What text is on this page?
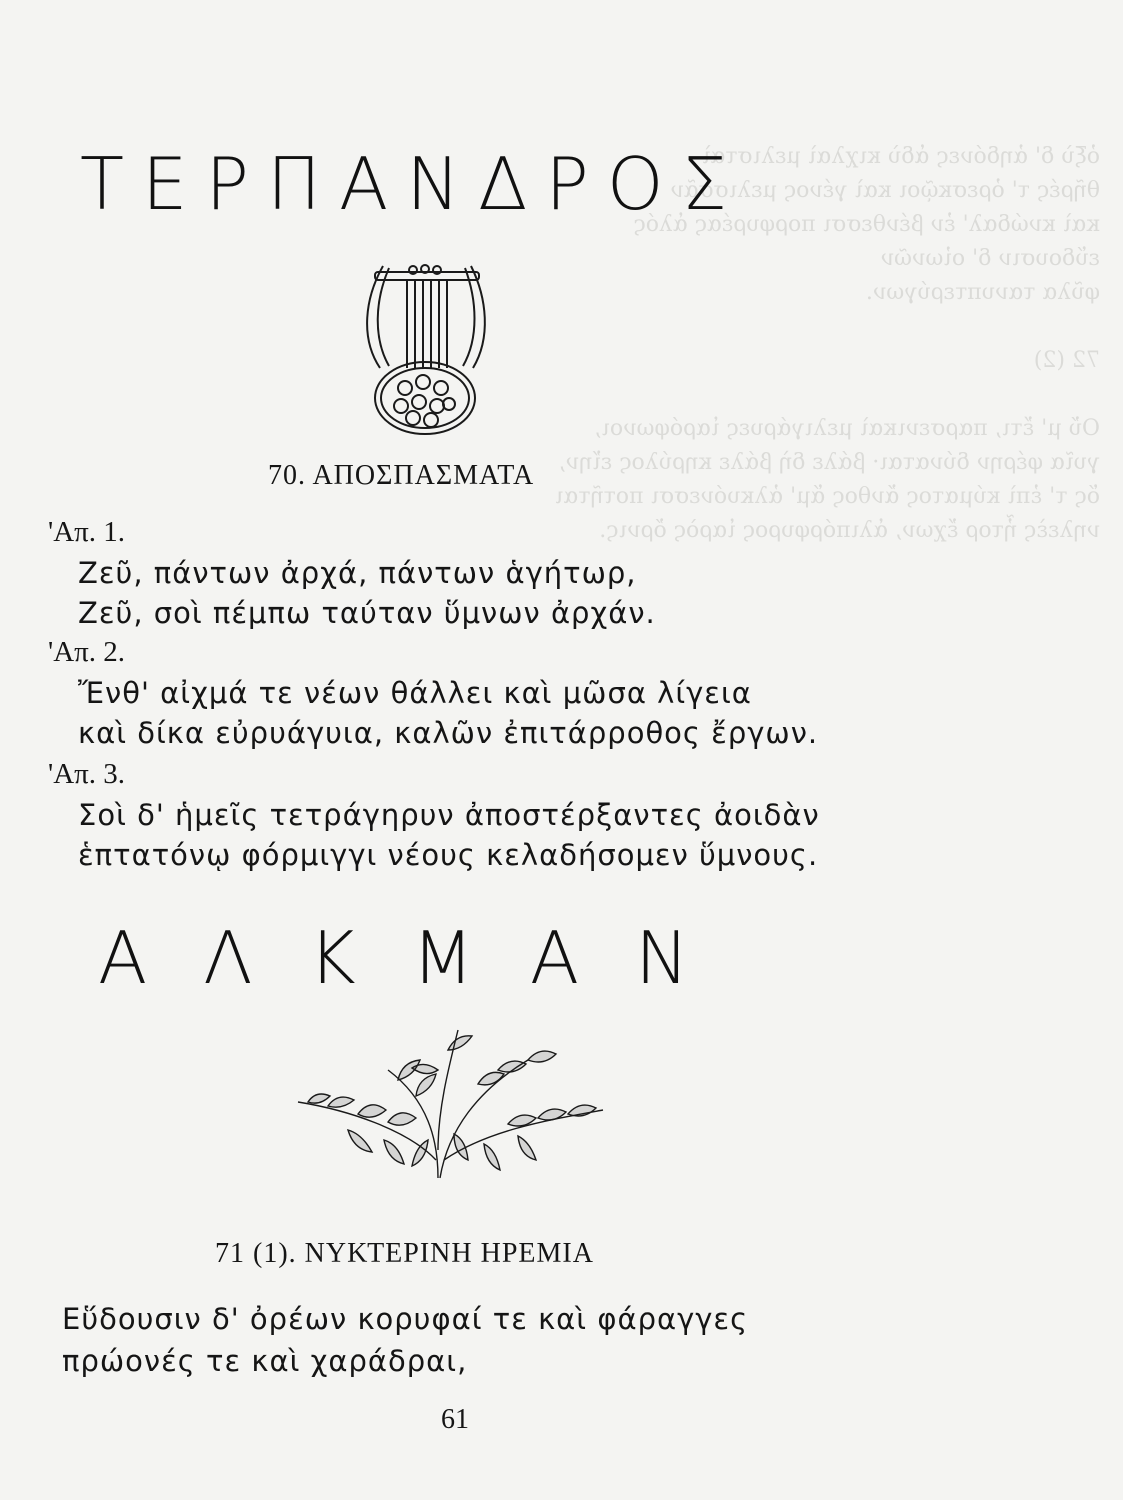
ὀξὺ δ' ἀηδόνες ἁδὺ κιχλαὶ μελισταὶ
θῆρές τ' ὀρεσκῷοι καὶ γένος μελισσᾶν
καὶ κνώδαλ' ἐν βένθεσσι πορφυρέας ἁλός
εὕδουσιν δ' οἰωνῶν
φῦλα τανυπτερύγων.

72 (2)

Οὔ μ' ἔτι, παρσενικαὶ μελιγάρυες ἱαρόφωνοι,
γυῖα φέρην δύναται· βάλε δὴ βάλε κηρύλος εἴην,
ὅς τ' ἐπὶ κύματος ἄνθος ἅμ' ἀλκυόνεσσι ποτῆται
νηλεὲς ἦτορ ἔχων, ἁλιπόρφυρος ἱαρὸς ὄρνις.
ΤΕΡΠΑΝΔΡΟΣ
70. ΑΠΟΣΠΑΣΜΑΤΑ
'Απ. 1.
Ζεῦ, πάντων ἀρχά, πάντων ἁγήτωρ,
Ζεῦ, σοὶ πέμπω ταύταν ὕμνων ἀρχάν.
'Απ. 2.
Ἔνθ' αἰχμά τε νέων θάλλει καὶ μῶσα λίγεια
καὶ δίκα εὐρυάγυια, καλῶν ἐπιτάρροθος ἔργων.
'Απ. 3.
Σοὶ δ' ἡμεῖς τετράγηρυν ἀποστέρξαντες ἀοιδὰν
ἑπτατόνῳ φόρμιγγι νέους κελαδήσομεν ὕμνους.
ΑΛΚΜΑΝ
71 (1). ΝΥΚΤΕΡΙΝΗ ΗΡΕΜΙΑ
Εὕδουσιν δ' ὀρέων κορυφαί τε καὶ φάραγγες
πρώονές τε καὶ χαράδραι,
61
